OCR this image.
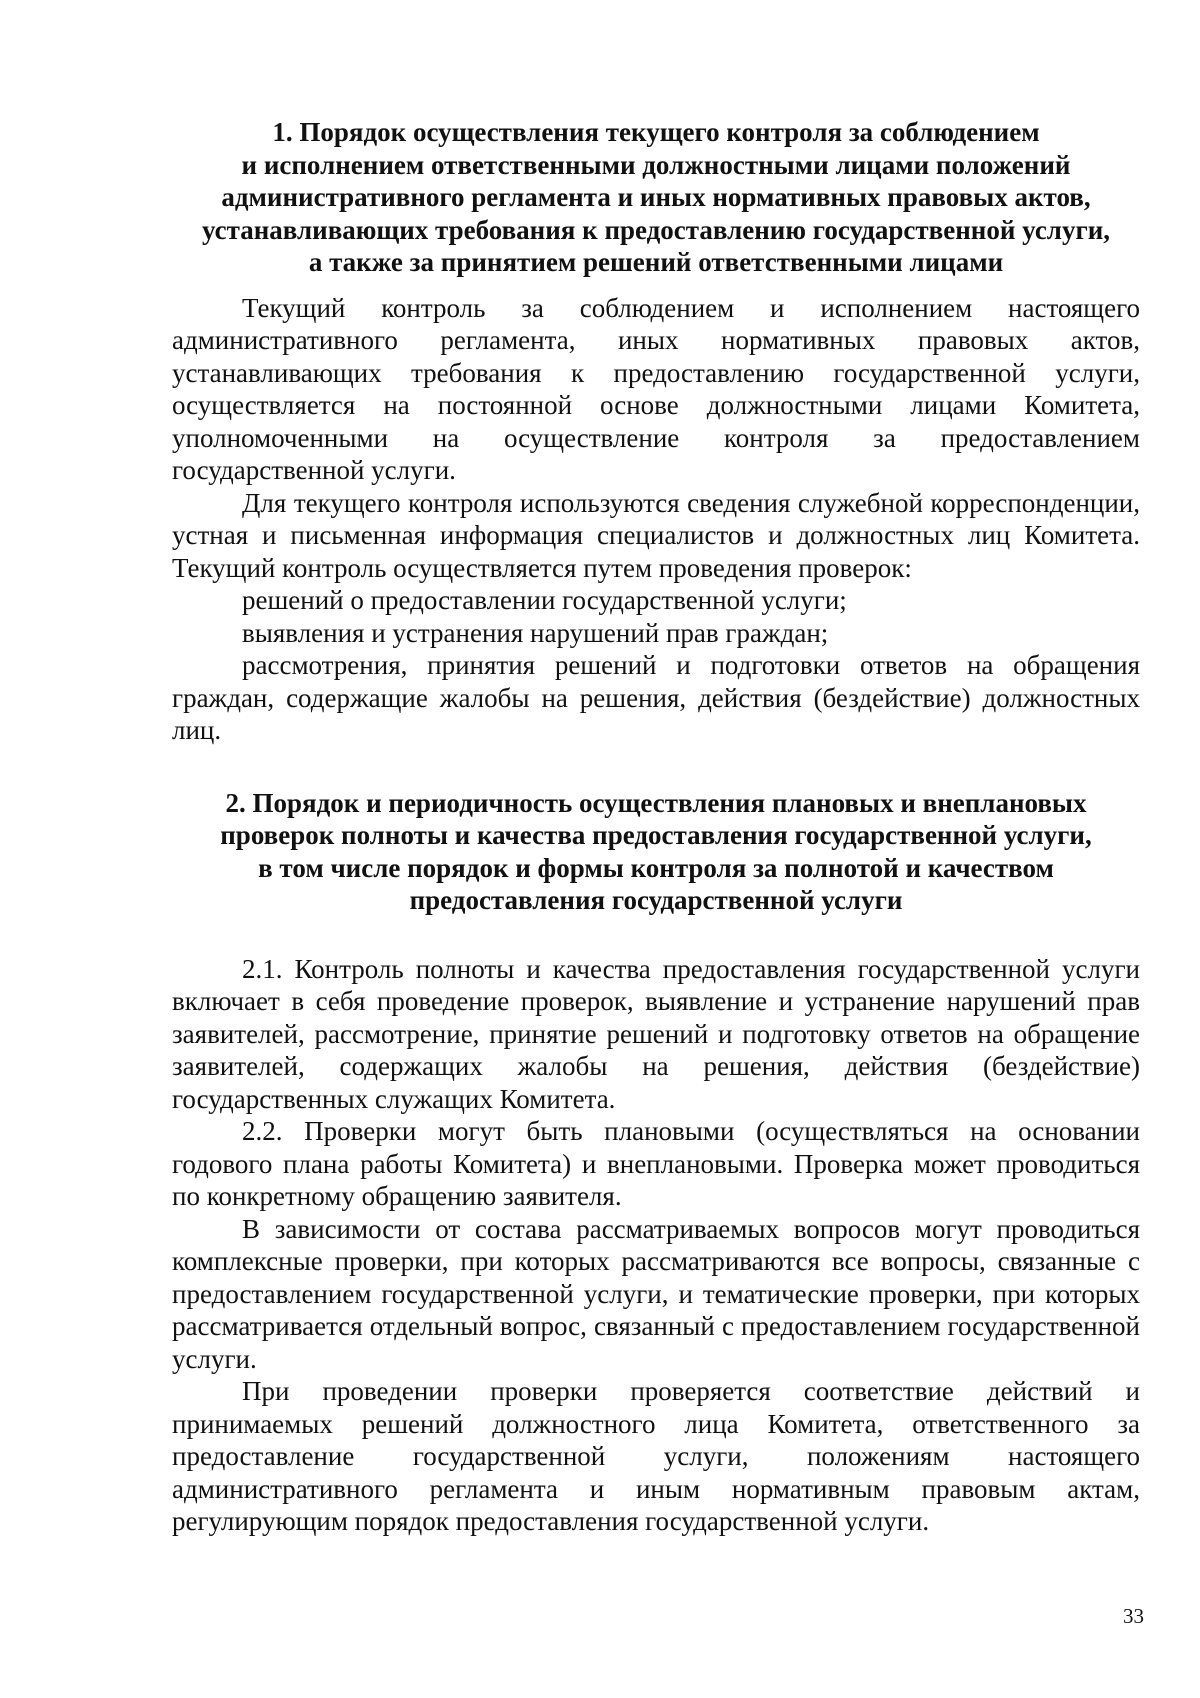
1. Порядок осуществления текущего контроля за соблюдением
и исполнением ответственными должностными лицами положений
административного регламента и иных нормативных правовых актов,
устанавливающих требования к предоставлению государственной услуги,
а также за принятием решений ответственными лицами

Текущий контроль за соблюдением и исполнением настоящего административного регламента, иных нормативных правовых актов, устанавливающих требования к предоставлению государственной услуги, осуществляется на постоянной основе должностными лицами Комитета, уполномоченными на осуществление контроля за предоставлением государственной услуги.

Для текущего контроля используются сведения служебной корреспонденции, устная и письменная информация специалистов и должностных лиц Комитета. Текущий контроль осуществляется путем проведения проверок:

решений о предоставлении государственной услуги;

выявления и устранения нарушений прав граждан;

рассмотрения, принятия решений и подготовки ответов на обращения граждан, содержащие жалобы на решения, действия (бездействие) должностных лиц.

2. Порядок и периодичность осуществления плановых и внеплановых
проверок полноты и качества предоставления государственной услуги,
в том числе порядок и формы контроля за полнотой и качеством
предоставления государственной услуги

2.1. Контроль полноты и качества предоставления государственной услуги включает в себя проведение проверок, выявление и устранение нарушений прав заявителей, рассмотрение, принятие решений и подготовку ответов на обращение заявителей, содержащих жалобы на решения, действия (бездействие) государственных служащих Комитета.

2.2. Проверки могут быть плановыми (осуществляться на основании годового плана работы Комитета) и внеплановыми. Проверка может проводиться по конкретному обращению заявителя.

В зависимости от состава рассматриваемых вопросов могут проводиться комплексные проверки, при которых рассматриваются все вопросы, связанные с предоставлением государственной услуги, и тематические проверки, при которых рассматривается отдельный вопрос, связанный с предоставлением государственной услуги.

При проведении проверки проверяется соответствие действий и принимаемых решений должностного лица Комитета, ответственного за предоставление государственной услуги, положениям настоящего административного регламента и иным нормативным правовым актам, регулирующим порядок предоставления государственной услуги.

33
